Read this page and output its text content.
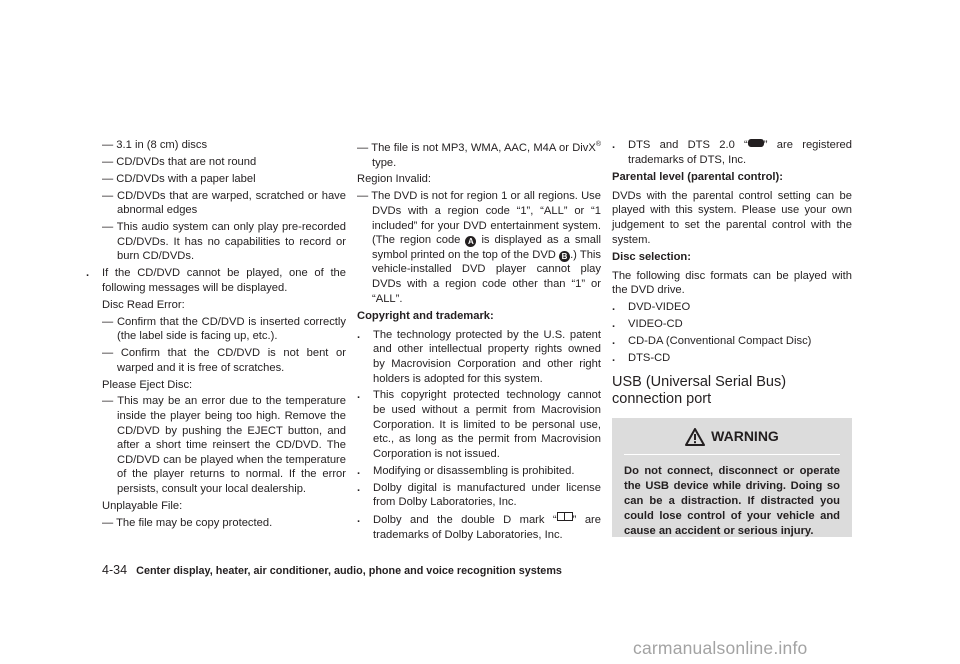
— 3.1 in (8 cm) discs

— CD/DVDs that are not round

— CD/DVDs with a paper label

— CD/DVDs that are warped, scratched or have abnormal edges

— This audio system can only play pre-recorded CD/DVDs. It has no capabilities to record or burn CD/DVDs.

. If the CD/DVD cannot be played, one of the following messages will be displayed.

Disc Read Error:

— Confirm that the CD/DVD is inserted correctly (the label side is facing up, etc.).

— Confirm that the CD/DVD is not bent or warped and it is free of scratches.

Please Eject Disc:

— This may be an error due to the temperature inside the player being too high. Remove the CD/DVD by pushing the EJECT button, and after a short time reinsert the CD/DVD. The CD/DVD can be played when the temperature of the player returns to normal. If the error persists, consult your local dealership.

Unplayable File:

— The file may be copy protected.

— The file is not MP3, WMA, AAC, M4A or DivX® type.

Region Invalid:

— The DVD is not for region 1 or all regions. Use DVDs with a region code “1”, “ALL” or “1 included” for your DVD entertainment system. (The region code A is displayed as a small symbol printed on the top of the DVD B .) This vehicle-installed DVD player cannot play DVDs with a region code other than “1” or “ALL”.

Copyright and trademark:

. The technology protected by the U.S. patent and other intellectual property rights owned by Macrovision Corporation and other right holders is adopted for this system.
. This copyright protected technology cannot be used without a permit from Macrovision Corporation. It is limited to be personal use, etc., as long as the permit from Macrovision Corporation is not issued.
. Modifying or disassembling is prohibited.
. Dolby digital is manufactured under license from Dolby Laboratories, Inc.
. Dolby and the double D mark “ ” are trademarks of Dolby Laboratories, Inc.
. DTS and DTS 2.0 “ ” are registered trademarks of DTS, Inc.

Parental level (parental control):

DVDs with the parental control setting can be played with this system. Please use your own judgement to set the parental control with the system.

Disc selection:

The following disc formats can be played with the DVD drive.

. DVD-VIDEO
. VIDEO-CD
. CD-DA (Conventional Compact Disc)
. DTS-CD

USB (Universal Serial Bus) connection port

WARNING
Do not connect, disconnect or operate the USB device while driving. Doing so can be a distraction. If distracted you could lose control of your vehicle and cause an accident or serious injury.
4-34 Center display, heater, air conditioner, audio, phone and voice recognition systems
carmanualsonline.info
